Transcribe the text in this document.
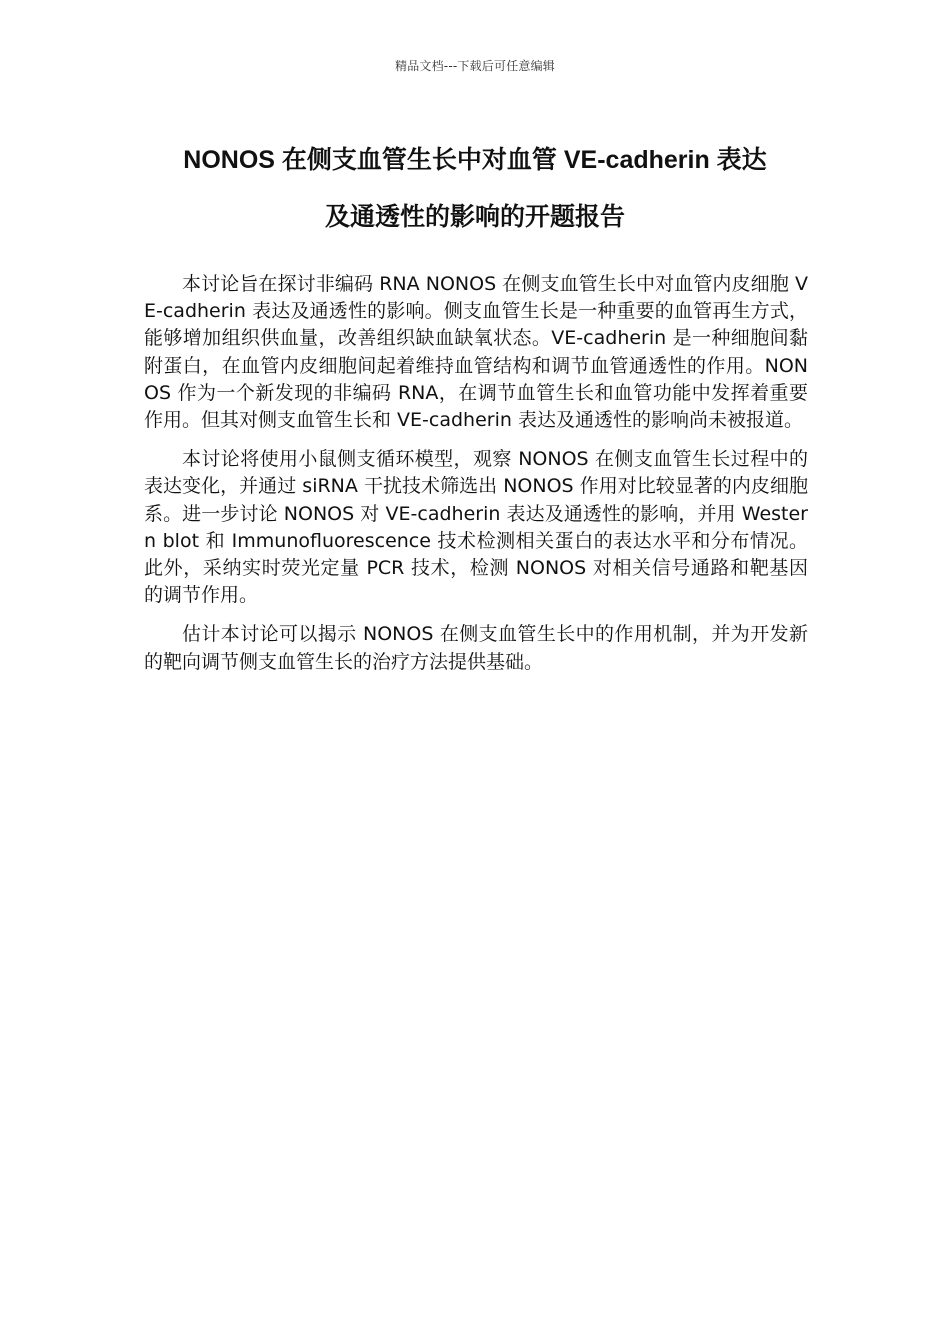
精品文档---下载后可任意编辑
NONOS 在侧支血管生长中对血管 VE-cadherin 表达
及通透性的影响的开题报告

本讨论旨在探讨非编码 RNA NONOS 在侧支血管生长中对血管内皮细胞 VE-cadherin 表达及通透性的影响。侧支血管生长是一种重要的血管再生方式，能够增加组织供血量，改善组织缺血缺氧状态。VE-cadherin 是一种细胞间黏附蛋白，在血管内皮细胞间起着维持血管结构和调节血管通透性的作用。NONOS 作为一个新发现的非编码 RNA，在调节血管生长和血管功能中发挥着重要作用。但其对侧支血管生长和 VE-cadherin 表达及通透性的影响尚未被报道。

本讨论将使用小鼠侧支循环模型，观察 NONOS 在侧支血管生长过程中的表达变化，并通过 siRNA 干扰技术筛选出 NONOS 作用对比较显著的内皮细胞系。进一步讨论 NONOS 对 VE-cadherin 表达及通透性的影响，并用 Western blot 和 Immunofluorescence 技术检测相关蛋白的表达水平和分布情况。此外，采纳实时荧光定量 PCR 技术，检测 NONOS 对相关信号通路和靶基因的调节作用。

估计本讨论可以揭示 NONOS 在侧支血管生长中的作用机制，并为开发新的靶向调节侧支血管生长的治疗方法提供基础。
